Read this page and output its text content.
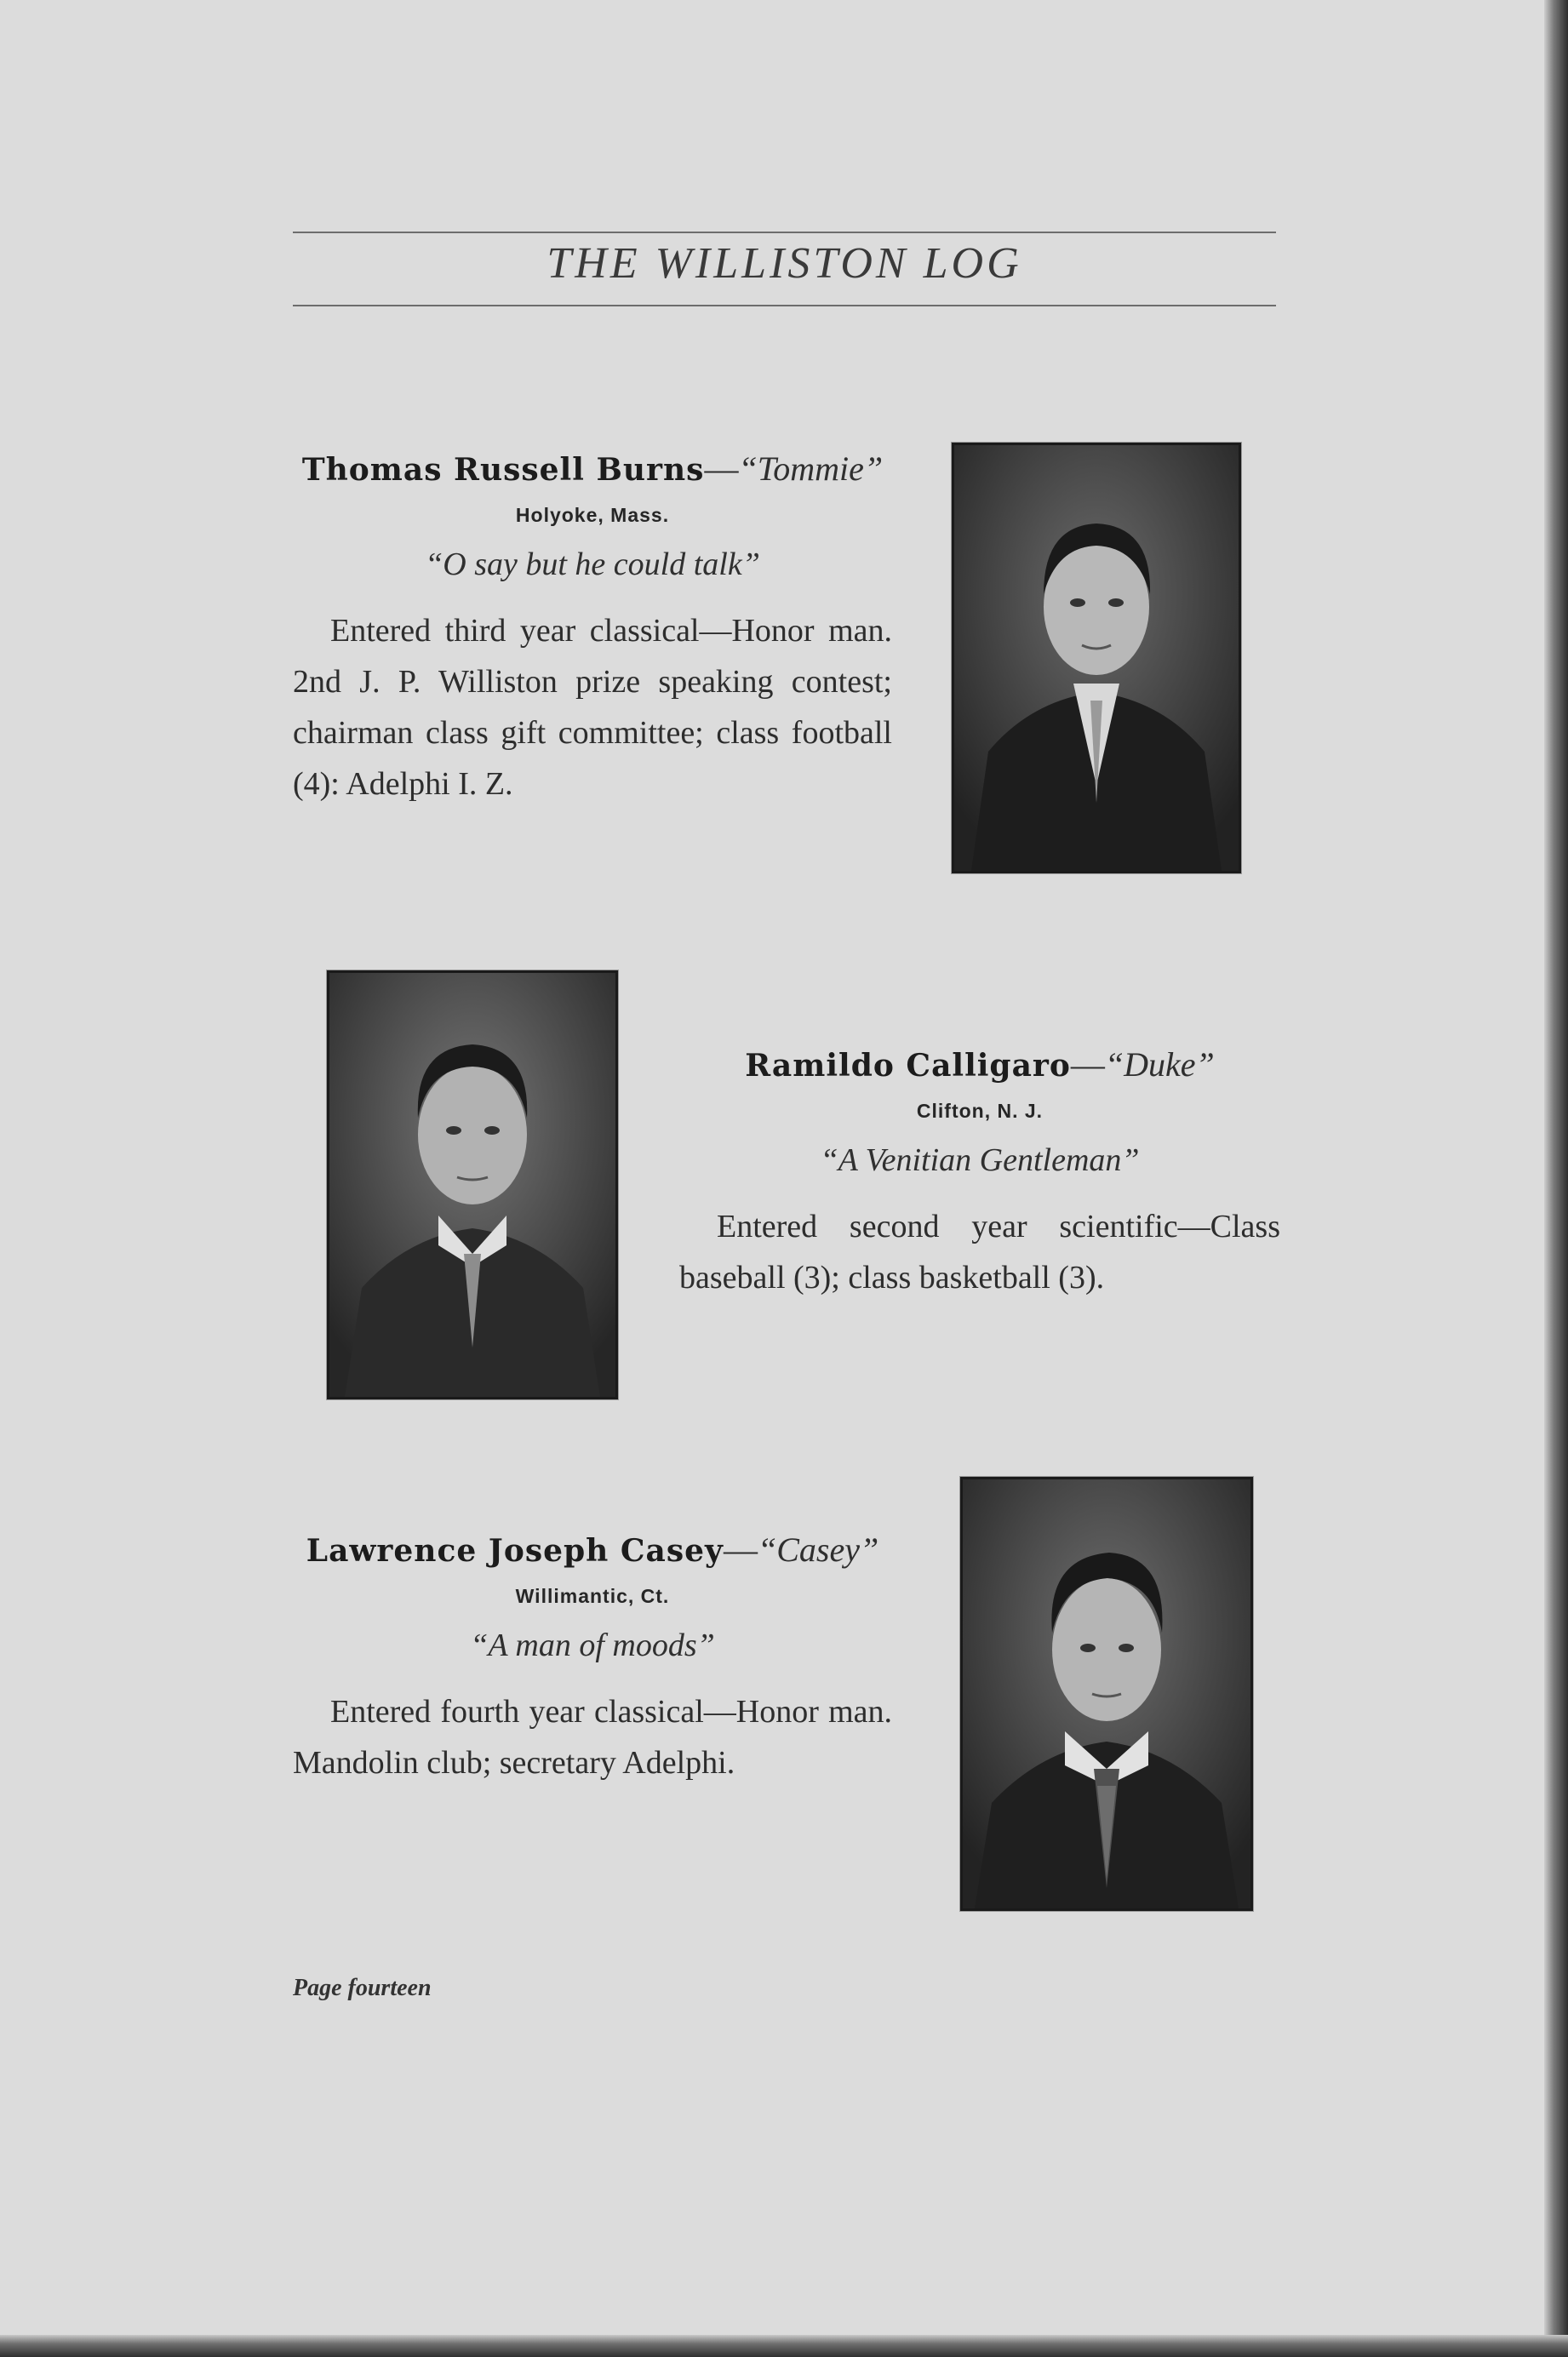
THE WILLISTON LOG
Thomas Russell Burns—“Tommie”
Holyoke, Mass.
“O say but he could talk”
Entered third year classical—Honor man. 2nd J. P. Williston prize speaking contest; chairman class gift committee; class football (4): Adelphi I. Z.
Ramildo Calligaro—“Duke”
Clifton, N. J.
“A Venitian Gentleman”
Entered second year scientific—Class baseball (3); class basketball (3).
Lawrence Joseph Casey—“Casey”
Willimantic, Ct.
“A man of moods”
Entered fourth year classical—Honor man. Mandolin club; secretary Adelphi.
Page fourteen
